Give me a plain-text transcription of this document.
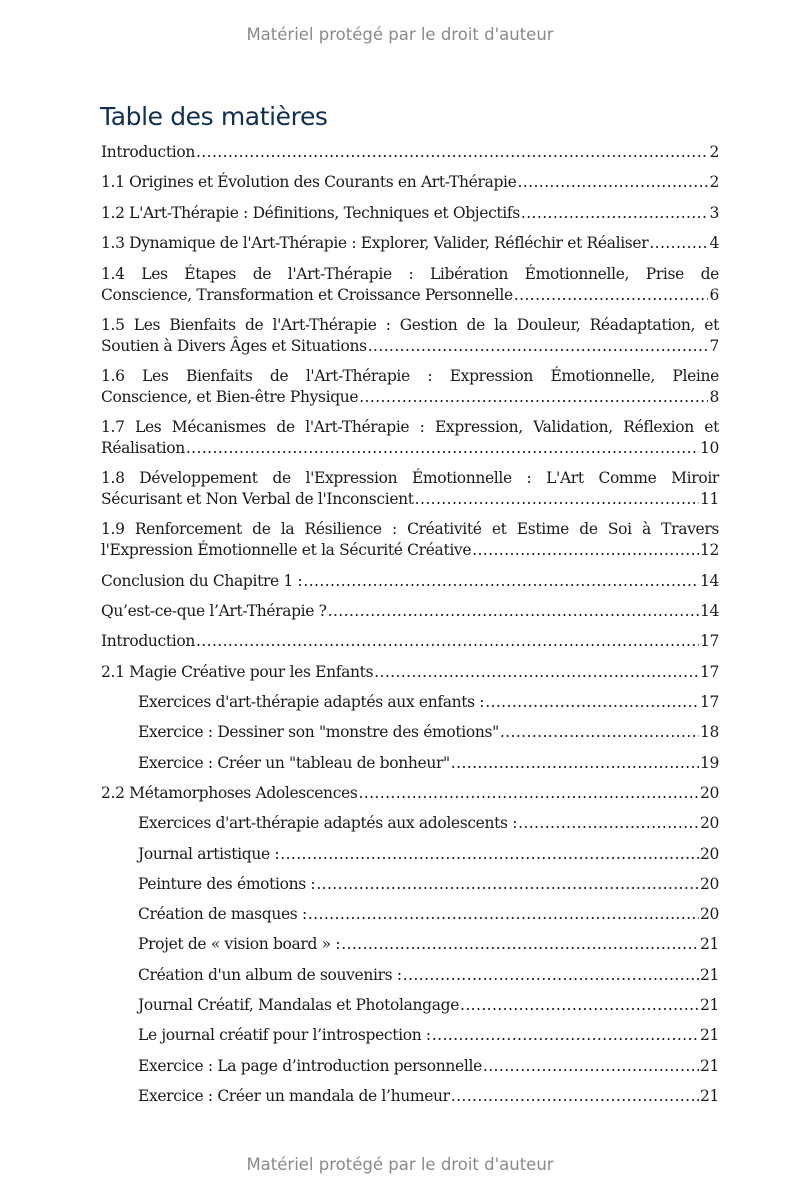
Matériel protégé par le droit d'auteur
Table des matières
Introduction .....	2
1.1 Origines et Évolution des Courants en Art-Thérapie .....	2
1.2 L'Art-Thérapie : Définitions, Techniques et Objectifs .....	3
1.3 Dynamique de l'Art-Thérapie : Explorer, Valider, Réfléchir et Réaliser .....	4
1.4 Les Étapes de l'Art-Thérapie : Libération Émotionnelle, Prise de
Conscience, Transformation et Croissance Personnelle .....	6
1.5 Les Bienfaits de l'Art-Thérapie : Gestion de la Douleur, Réadaptation, et
Soutien à Divers Âges et Situations .....	7
1.6 Les Bienfaits de l'Art-Thérapie : Expression Émotionnelle, Pleine
Conscience, et Bien-être Physique .....	8
1.7 Les Mécanismes de l'Art-Thérapie : Expression, Validation, Réflexion et
Réalisation .....	10
1.8 Développement de l'Expression Émotionnelle : L'Art Comme Miroir
Sécurisant et Non Verbal de l'Inconscient .....	11
1.9 Renforcement de la Résilience : Créativité et Estime de Soi à Travers
l'Expression Émotionnelle et la Sécurité Créative .....	12
Conclusion du Chapitre 1 : .....	14
Qu’est-ce-que l’Art-Thérapie ? .....	14
Introduction .....	17
2.1 Magie Créative pour les Enfants .....	17
Exercices d'art-thérapie adaptés aux enfants : .....	17
Exercice : Dessiner son "monstre des émotions" .....	18
Exercice : Créer un "tableau de bonheur" .....	19
2.2 Métamorphoses Adolescences .....	20
Exercices d'art-thérapie adaptés aux adolescents : .....	20
Journal artistique : .....	20
Peinture des émotions : .....	20
Création de masques : .....	20
Projet de « vision board » : .....	21
Création d'un album de souvenirs : .....	21
Journal Créatif, Mandalas et Photolangage .....	21
Le journal créatif pour l’introspection : .....	21
Exercice : La page d’introduction personnelle .....	21
Exercice : Créer un mandala de l’humeur .....	21
Matériel protégé par le droit d'auteur
